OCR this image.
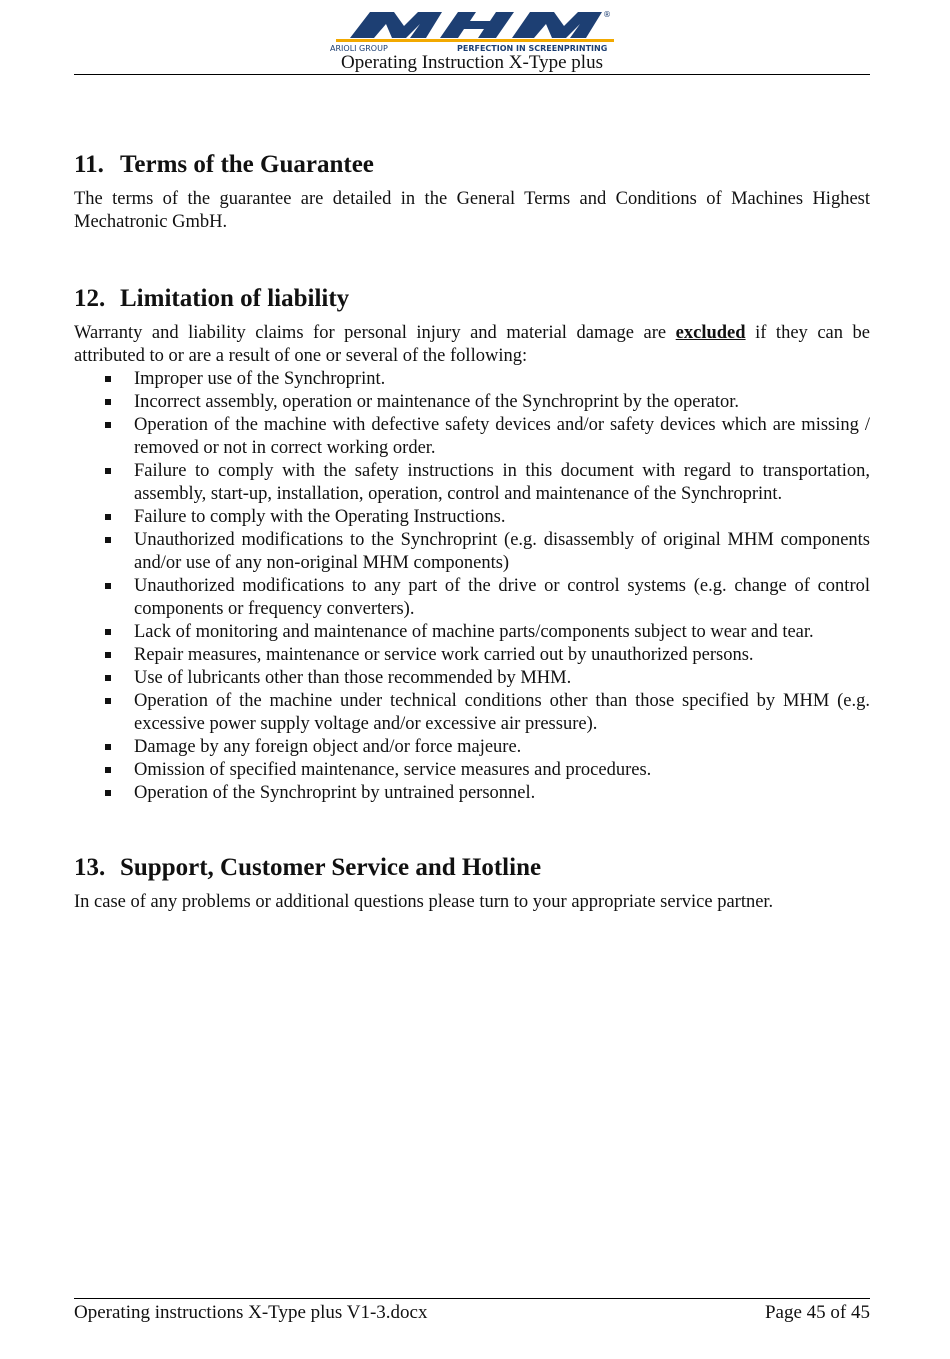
®
ARIOLI GROUP	PERFECTION IN SCREENPRINTING
Operating Instruction X-Type plus
11. Terms of the Guarantee

The terms of the guarantee are detailed in the General Terms and Conditions of Machines Highest Mechatronic GmbH.

12. Limitation of liability

Warranty and liability claims for personal injury and material damage are excluded if they can be attributed to or are a result of one or several of the following:

Improper use of the Synchroprint.
Incorrect assembly, operation or maintenance of the Synchroprint by the operator.
Operation of the machine with defective safety devices and/or safety devices which are missing / removed or not in correct working order.
Failure to comply with the safety instructions in this document with regard to transportation, assembly, start-up, installation, operation, control and maintenance of the Synchroprint.
Failure to comply with the Operating Instructions.
Unauthorized modifications to the Synchroprint (e.g. disassembly of original MHM components and/or use of any non-original MHM components)
Unauthorized modifications to any part of the drive or control systems (e.g. change of control components or frequency converters).
Lack of monitoring and maintenance of machine parts/components subject to wear and tear.
Repair measures, maintenance or service work carried out by unauthorized persons.
Use of lubricants other than those recommended by MHM.
Operation of the machine under technical conditions other than those specified by MHM (e.g. excessive power supply voltage and/or excessive air pressure).
Damage by any foreign object and/or force majeure.
Omission of specified maintenance, service measures and procedures.
Operation of the Synchroprint by untrained personnel.
13. Support, Customer Service and Hotline

In case of any problems or additional questions please turn to your appropriate service partner.

Operating instructions X-Type plus V1-3.docx	Page 45 of 45
